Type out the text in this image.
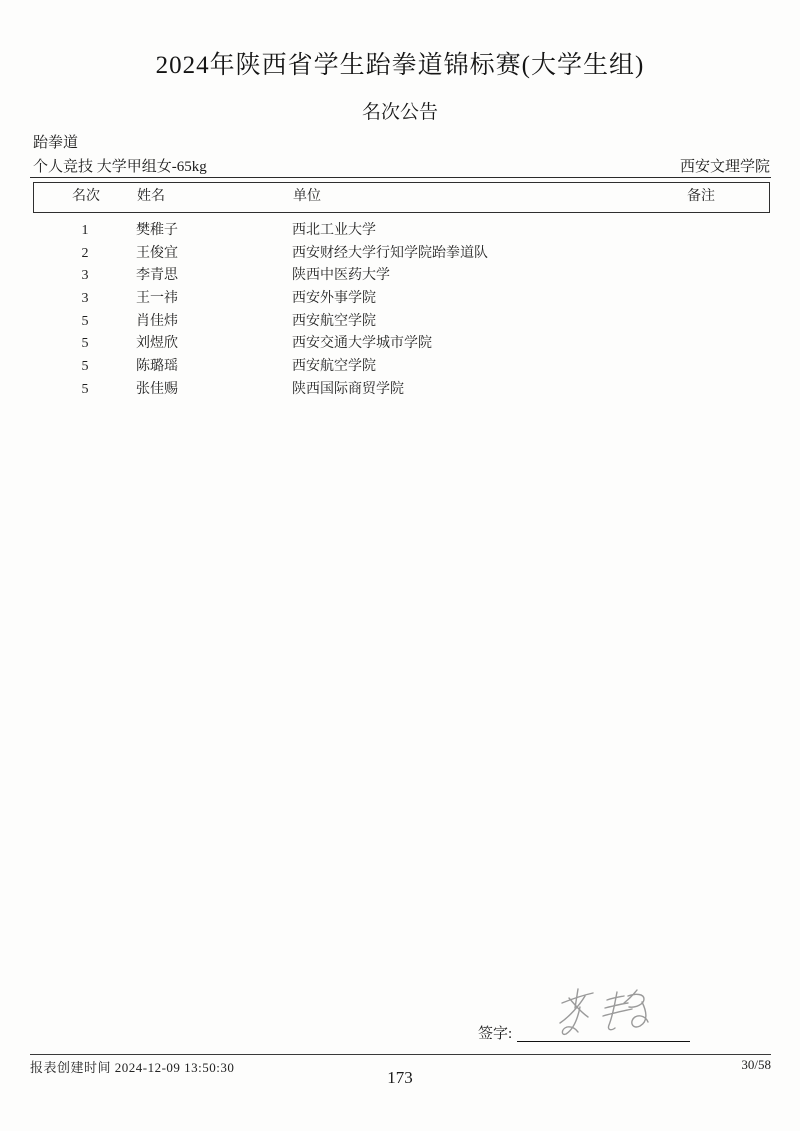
2024年陕西省学生跆拳道锦标赛(大学生组)
名次公告
跆拳道
个人竞技 大学甲组女-65kg	西安文理学院
名次	姓名	单位	备注
1	樊稚子	西北工业大学
2	王俊宜	西安财经大学行知学院跆拳道队
3	李青思	陕西中医药大学
3	王一祎	西安外事学院
5	肖佳炜	西安航空学院
5	刘煜欣	西安交通大学城市学院
5	陈璐瑶	西安航空学院
5	张佳赐	陕西国际商贸学院
签字:
报表创建时间 2024-12-09 13:50:30	30/58
173
